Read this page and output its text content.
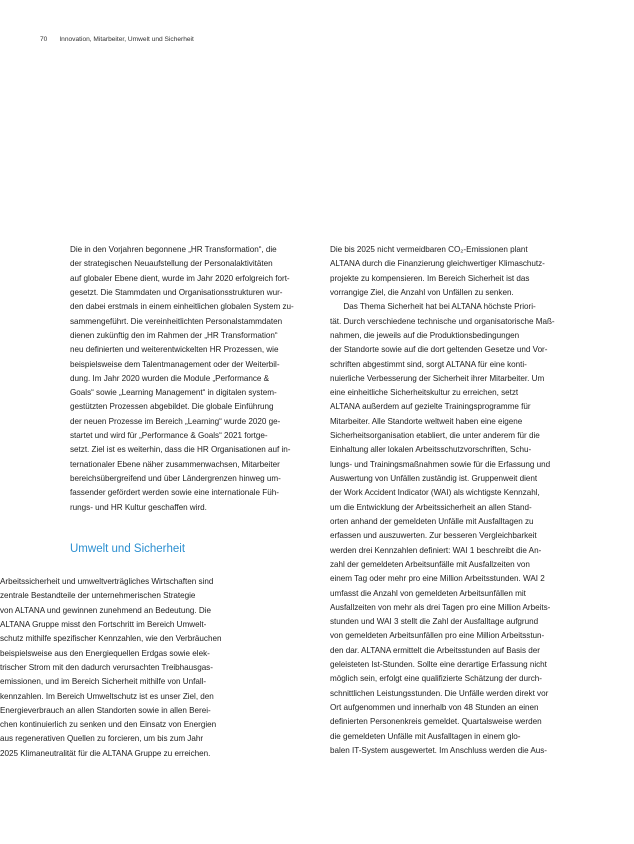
70 Innovation, Mitarbeiter, Umwelt und Sicherheit

Die in den Vorjahren begonnene „HR Transformation“, die

der strategischen Neuaufstellung der Personalaktivitäten

auf globaler Ebene dient, wurde im Jahr 2020 erfolgreich fort-

gesetzt. Die Stammdaten und Organisationsstrukturen wur-

den dabei erstmals in einem einheitlichen globalen System zu-

sammengeführt. Die vereinheitlichten Personalstammdaten

dienen zukünftig den im Rahmen der „HR Transformation“

neu definierten und weiterentwickelten HR Prozessen, wie

beispielsweise dem Talentmanagement oder der Weiterbil-

dung. Im Jahr 2020 wurden die Module „Performance &

Goals“ sowie „Learning Management“ in digitalen system-

gestützten Prozessen abgebildet. Die globale Einführung

der neuen Prozesse im Bereich „Learning“ wurde 2020 ge-

startet und wird für „Performance & Goals“ 2021 fortge-

setzt. Ziel ist es weiterhin, dass die HR Organisationen auf in-

ternationaler Ebene näher zusammenwachsen, Mitarbeiter

bereichsübergreifend und über Ländergrenzen hinweg um-

fassender gefördert werden sowie eine internationale Füh-

rungs- und HR Kultur geschaffen wird.

Umwelt und Sicherheit

Arbeitssicherheit und umweltverträgliches Wirtschaften sind

zentrale Bestandteile der unternehmerischen Strategie

von ALTANA und gewinnen zunehmend an Bedeutung. Die

ALTANA Gruppe misst den Fortschritt im Bereich Umwelt-

schutz mithilfe spezifischer Kennzahlen, wie den Verbräuchen

beispielsweise aus den Energiequellen Erdgas sowie elek-

trischer Strom mit den dadurch verursachten Treibhausgas-

emissionen, und im Bereich Sicherheit mithilfe von Unfall-

kennzahlen. Im Bereich Umweltschutz ist es unser Ziel, den

Energieverbrauch an allen Standorten sowie in allen Berei-

chen kontinuierlich zu senken und den Einsatz von Energien

aus regenerativen Quellen zu forcieren, um bis zum Jahr

2025 Klimaneutralität für die ALTANA Gruppe zu erreichen.

Die bis 2025 nicht vermeidbaren CO₂-Emissionen plant

ALTANA durch die Finanzierung gleichwertiger Klimaschutz-

projekte zu kompensieren. Im Bereich Sicherheit ist das

vorrangige Ziel, die Anzahl von Unfällen zu senken.

Das Thema Sicherheit hat bei ALTANA höchste Priori-

tät. Durch verschiedene technische und organisatorische Maß-

nahmen, die jeweils auf die Produktionsbedingungen

der Standorte sowie auf die dort geltenden Gesetze und Vor-

schriften abgestimmt sind, sorgt ALTANA für eine konti-

nuierliche Verbesserung der Sicherheit ihrer Mitarbeiter. Um

eine einheitliche Sicherheitskultur zu erreichen, setzt

ALTANA außerdem auf gezielte Trainingsprogramme für

Mitarbeiter. Alle Standorte weltweit haben eine eigene

Sicherheitsorganisation etabliert, die unter anderem für die

Einhaltung aller lokalen Arbeitsschutzvorschriften, Schu-

lungs- und Trainingsmaßnahmen sowie für die Erfassung und

Auswertung von Unfällen zuständig ist. Gruppenweit dient

der Work Accident Indicator (WAI) als wichtigste Kennzahl,

um die Entwicklung der Arbeitssicherheit an allen Stand-

orten anhand der gemeldeten Unfälle mit Ausfalltagen zu

erfassen und auszuwerten. Zur besseren Vergleichbarkeit

werden drei Kennzahlen definiert: WAI 1 beschreibt die An-

zahl der gemeldeten Arbeitsunfälle mit Ausfallzeiten von

einem Tag oder mehr pro eine Million Arbeitsstunden. WAI 2

umfasst die Anzahl von gemeldeten Arbeitsunfällen mit

Ausfallzeiten von mehr als drei Tagen pro eine Million Arbeits-

stunden und WAI 3 stellt die Zahl der Ausfalltage aufgrund

von gemeldeten Arbeitsunfällen pro eine Million Arbeitsstun-

den dar. ALTANA ermittelt die Arbeitsstunden auf Basis der

geleisteten Ist-Stunden. Sollte eine derartige Erfassung nicht

möglich sein, erfolgt eine qualifizierte Schätzung der durch-

schnittlichen Leistungsstunden. Die Unfälle werden direkt vor

Ort aufgenommen und innerhalb von 48 Stunden an einen

definierten Personenkreis gemeldet. Quartalsweise werden

die gemeldeten Unfälle mit Ausfalltagen in einem glo-

balen IT-System ausgewertet. Im Anschluss werden die Aus-
